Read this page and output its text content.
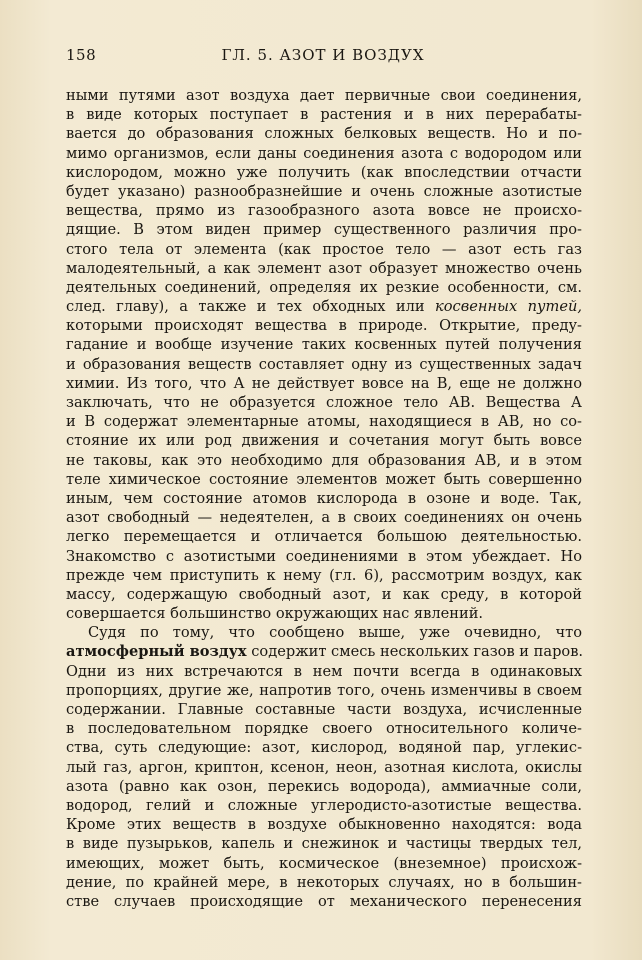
158	ГЛ. 5. АЗОТ И ВОЗДУХ
ными путями азот воздуха дает первичные свои соединения,
в виде которых поступает в растения и в них перерабаты-
вается до образования сложных белковых веществ. Но и по-
мимо организмов, если даны соединения азота с водородом или
кислородом, можно уже получить (как впоследствии отчасти
будет указано) разнообразнейшие и очень сложные азотистые
вещества, прямо из газообразного азота вовсе не происхо-
дящие. В этом виден пример существенного различия про-
стого тела от элемента (как простое тело — азот есть газ
малодеятельный, а как элемент азот образует множество очень
деятельных соединений, определяя их резкие особенности, см.
след. главу), а также и тех обходных или косвенных путей,
которыми происходят вещества в природе. Открытие, преду-
гадание и вообще изучение таких косвенных путей получения
и образования веществ составляет одну из существенных задач
химии. Из того, что А не действует вовсе на В, еще не должно
заключать, что не образуется сложное тело АВ. Вещества А
и В содержат элементарные атомы, находящиеся в АВ, но со-
стояние их или род движения и сочетания могут быть вовсе
не таковы, как это необходимо для образования АВ, и в этом
теле химическое состояние элементов может быть совершенно
иным, чем состояние атомов кислорода в озоне и воде. Так,
азот свободный — недеятелен, а в своих соединениях он очень
легко перемещается и отличается большою деятельностью.
Знакомство с азотистыми соединениями в этом убеждает. Но
прежде чем приступить к нему (гл. 6), рассмотрим воздух, как
массу, содержащую свободный азот, и как среду, в которой
совершается большинство окружающих нас явлений.
Судя по тому, что сообщено выше, уже очевидно, что
атмосферный воздух содержит смесь нескольких газов и паров.
Одни из них встречаются в нем почти всегда в одинаковых
пропорциях, другие же, напротив того, очень изменчивы в своем
содержании. Главные составные части воздуха, исчисленные
в последовательном порядке своего относительного количе-
ства, суть следующие: азот, кислород, водяной пар, углекис-
лый газ, аргон, криптон, ксенон, неон, азотная кислота, окислы
азота (равно как озон, перекись водорода), аммиачные соли,
водород, гелий и сложные углеродисто-азотистые вещества.
Кроме этих веществ в воздухе обыкновенно находятся: вода
в виде пузырьков, капель и снежинок и частицы твердых тел,
имеющих, может быть, космическое (внеземное) происхож-
дение, по крайней мере, в некоторых случаях, но в большин-
стве случаев происходящие от механического перенесения
